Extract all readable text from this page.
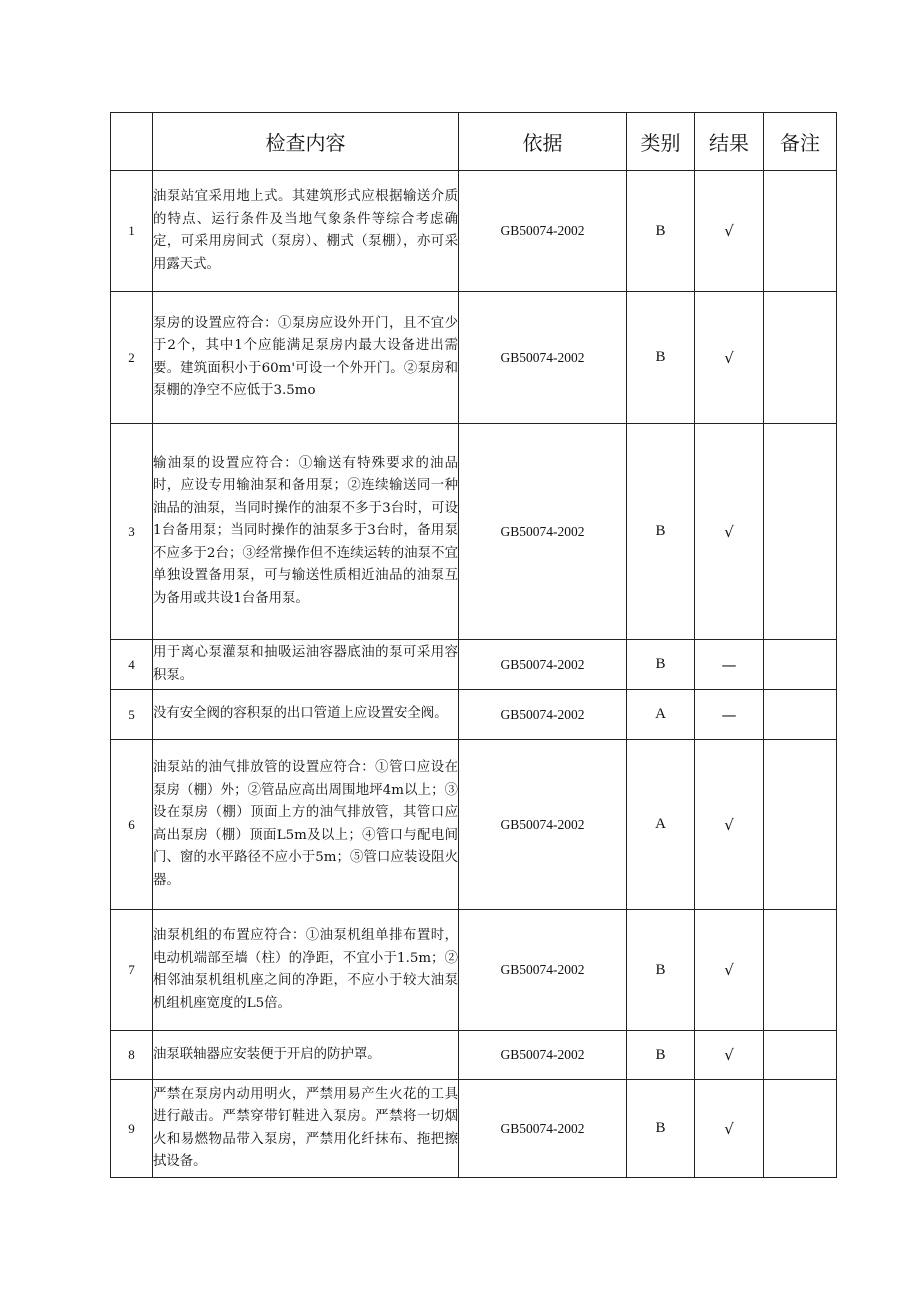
	检查内容	依据	类别	结果	备注
1	油泵站宜采用地上式。其建筑形式应根据输送介质的特点、运行条件及当地气象条件等综合考虑确定，可采用房间式（泵房）、棚式（泵棚），亦可采用露天式。	GB50074-2002	B	√	
2	泵房的设置应符合：①泵房应设外开门，且不宜少于2个，其中1个应能满足泵房内最大设备进出需要。建筑面积小于60m'可设一个外开门。②泵房和泵棚的净空不应低于3.5mo	GB50074-2002	B	√	
3	输油泵的设置应符合：①输送有特殊要求的油品时，应设专用输油泵和备用泵；②连续输送同一种油品的油泵，当同时操作的油泵不多于3台时，可设1台备用泵；当同时操作的油泵多于3台时，备用泵不应多于2台；③经常操作但不连续运转的油泵不宜单独设置备用泵，可与输送性质相近油品的油泵互为备用或共设1台备用泵。	GB50074-2002	B	√	
4	用于离心泵灌泵和抽吸运油容器底油的泵可采用容积泵。	GB50074-2002	B	—	
5	没有安全阀的容积泵的出口管道上应设置安全阀。	GB50074-2002	A	—	
6	油泵站的油气排放管的设置应符合：①管口应设在泵房（棚）外；②管品应高出周围地坪4m以上；③设在泵房（棚）顶面上方的油气排放管，其管口应高出泵房（棚）顶面L5m及以上；④管口与配电间门、窗的水平路径不应小于5m；⑤管口应装设阻火器。	GB50074-2002	A	√	
7	油泵机组的布置应符合：①油泵机组单排布置时，电动机端部至墙（柱）的净距，不宜小于1.5m；②相邻油泵机组机座之间的净距，不应小于较大油泵机组机座宽度的L5倍。	GB50074-2002	B	√	
8	油泵联轴器应安装便于开启的防护罩。	GB50074-2002	B	√	
9	严禁在泵房内动用明火，严禁用易产生火花的工具进行敲击。严禁穿带钉鞋进入泵房。严禁将一切烟火和易燃物品带入泵房，严禁用化纤抹布、拖把擦拭设备。	GB50074-2002	B	√	
